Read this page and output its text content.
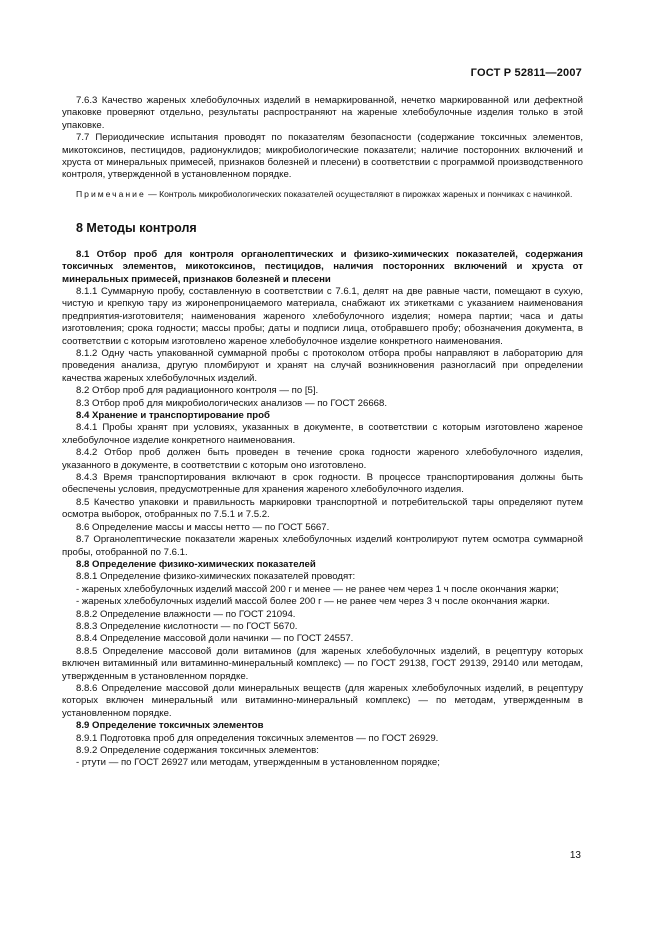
ГОСТ Р 52811—2007

7.6.3 Качество жареных хлебобулочных изделий в немаркированной, нечетко маркированной или дефектной упаковке проверяют отдельно, результаты распространяют на жареные хлебобулочные изделия только в этой упаковке.

7.7 Периодические испытания проводят по показателям безопасности (содержание токсичных элементов, микотоксинов, пестицидов, радионуклидов; микробиологические показатели; наличие посторонних включений и хруста от минеральных примесей, признаков болезней и плесени) в соответствии с программой производственного контроля, утвержденной в установленном порядке.

Примечание — Контроль микробиологических показателей осуществляют в пирожках жареных и пончиках с начинкой.

8 Методы контроля

8.1 Отбор проб для контроля органолептических и физико-химических показателей, содержания токсичных элементов, микотоксинов, пестицидов, наличия посторонних включений и хруста от минеральных примесей, признаков болезней и плесени

8.1.1 Суммарную пробу, составленную в соответствии с 7.6.1, делят на две равные части, помещают в сухую, чистую и крепкую тару из жиронепроницаемого материала, снабжают их этикетками с указанием наименования предприятия-изготовителя; наименования жареного хлебобулочного изделия; номера партии; часа и даты изготовления; срока годности; массы пробы; даты и подписи лица, отобравшего пробу; обозначения документа, в соответствии с которым изготовлено жареное хлебобулочное изделие конкретного наименования.

8.1.2 Одну часть упакованной суммарной пробы с протоколом отбора пробы направляют в лабораторию для проведения анализа, другую пломбируют и хранят на случай возникновения разногласий при определении качества жареных хлебобулочных изделий.

8.2 Отбор проб для радиационного контроля — по [5].

8.3 Отбор проб для микробиологических анализов — по ГОСТ 26668.

8.4 Хранение и транспортирование проб

8.4.1 Пробы хранят при условиях, указанных в документе, в соответствии с которым изготовлено жареное хлебобулочное изделие конкретного наименования.

8.4.2 Отбор проб должен быть проведен в течение срока годности жареного хлебобулочного изделия, указанного в документе, в соответствии с которым оно изготовлено.

8.4.3 Время транспортирования включают в срок годности. В процессе транспортирования должны быть обеспечены условия, предусмотренные для хранения жареного хлебобулочного изделия.

8.5 Качество упаковки и правильность маркировки транспортной и потребительской тары определяют путем осмотра выборок, отобранных по 7.5.1 и 7.5.2.

8.6 Определение массы и массы нетто — по ГОСТ 5667.

8.7 Органолептические показатели жареных хлебобулочных изделий контролируют путем осмотра суммарной пробы, отобранной по 7.6.1.

8.8 Определение физико-химических показателей

8.8.1 Определение физико-химических показателей проводят:

- жареных хлебобулочных изделий массой 200 г и менее — не ранее чем через 1 ч после окончания жарки;

- жареных хлебобулочных изделий массой более 200 г — не ранее чем через 3 ч после окончания жарки.

8.8.2 Определение влажности — по ГОСТ 21094.

8.8.3 Определение кислотности — по ГОСТ 5670.

8.8.4 Определение массовой доли начинки — по ГОСТ 24557.

8.8.5 Определение массовой доли витаминов (для жареных хлебобулочных изделий, в рецептуру которых включен витаминный или витаминно-минеральный комплекс) — по ГОСТ 29138, ГОСТ 29139, 29140 или методам, утвержденным в установленном порядке.

8.8.6 Определение массовой доли минеральных веществ (для жареных хлебобулочных изделий, в рецептуру которых включен минеральный или витаминно-минеральный комплекс) — по методам, утвержденным в установленном порядке.

8.9 Определение токсичных элементов

8.9.1 Подготовка проб для определения токсичных элементов — по ГОСТ 26929.

8.9.2 Определение содержания токсичных элементов:

- ртути — по ГОСТ 26927 или методам, утвержденным в установленном порядке;

13
